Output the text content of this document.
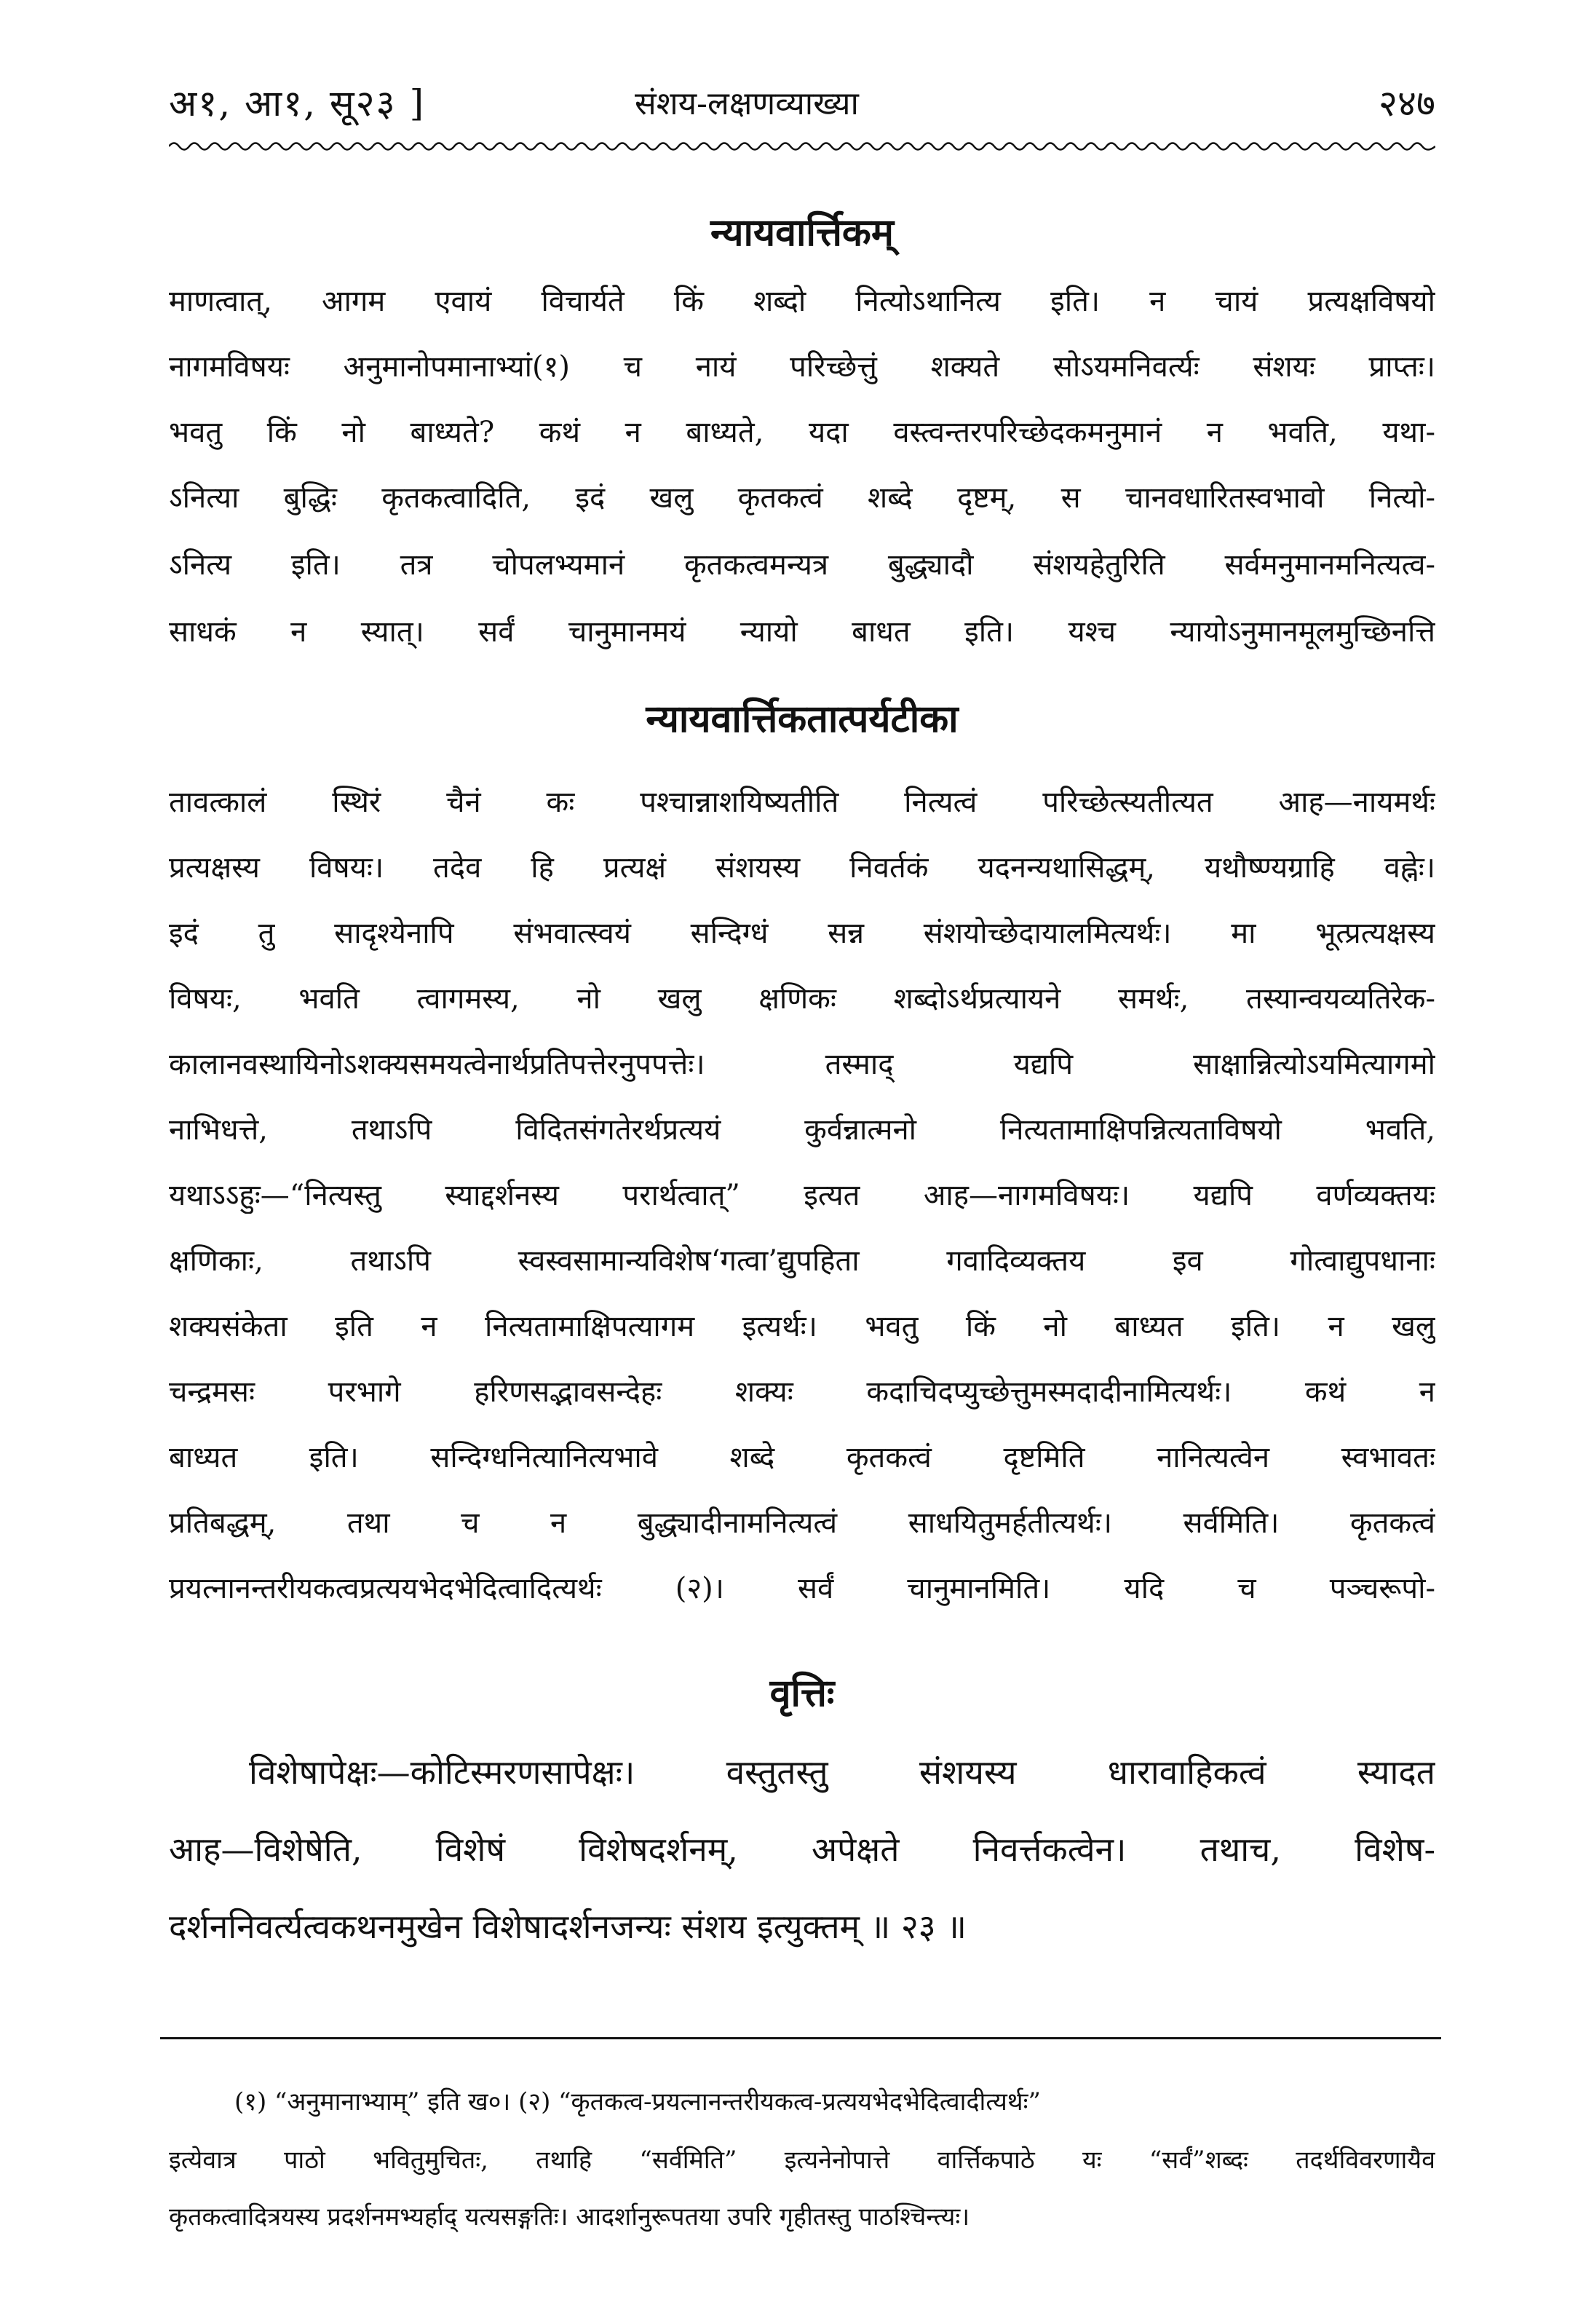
अ१, आ१, सू२३ ]	संशय-लक्षणव्याख्या	२४७
न्यायवार्त्तिकम्
माणत्वात्, आगम एवायं विचार्यते किं शब्दो नित्योऽथानित्य इति। न चायं प्रत्यक्षविषयो
नागमविषयः अनुमानोपमानाभ्यां(१) च नायं परिच्छेत्तुं शक्यते सोऽयमनिवर्त्यः संशयः प्राप्तः।
भवतु किं नो बाध्यते? कथं न बाध्यते, यदा वस्त्वन्तरपरिच्छेदकमनुमानं न भवति, यथा-
ऽनित्या बुद्धिः कृतकत्वादिति, इदं खलु कृतकत्वं शब्दे दृष्टम्, स चानवधारितस्वभावो नित्यो-
ऽनित्य इति। तत्र चोपलभ्यमानं कृतकत्वमन्यत्र बुद्ध्यादौ संशयहेतुरिति सर्वमनुमानमनित्यत्व-
साधकं न स्यात्। सर्वं चानुमानमयं न्यायो बाधत इति। यश्च न्यायोऽनुमानमूलमुच्छिनत्ति
न्यायवार्त्तिकतात्पर्यटीका
तावत्कालं स्थिरं चैनं कः पश्चान्नाशयिष्यतीति नित्यत्वं परिच्छेत्स्यतीत्यत आह—नायमर्थः
प्रत्यक्षस्य विषयः। तदेव हि प्रत्यक्षं संशयस्य निवर्तकं यदनन्यथासिद्धम्, यथौष्ण्यग्राहि वह्नेः।
इदं तु सादृश्येनापि संभवात्स्वयं सन्दिग्धं सन्न संशयोच्छेदायालमित्यर्थः। मा भूत्प्रत्यक्षस्य
विषयः, भवति त्वागमस्य, नो खलु क्षणिकः शब्दोऽर्थप्रत्यायने समर्थः, तस्यान्वयव्यतिरेक-
कालानवस्थायिनोऽशक्यसमयत्वेनार्थप्रतिपत्तेरनुपपत्तेः। तस्माद् यद्यपि साक्षान्नित्योऽयमित्यागमो
नाभिधत्ते, तथाऽपि विदितसंगतेरर्थप्रत्ययं कुर्वन्नात्मनो नित्यतामाक्षिपन्नित्यताविषयो भवति,
यथाऽऽहुः—“नित्यस्तु स्याद्दर्शनस्य परार्थत्वात्” इत्यत आह—नागमविषयः। यद्यपि वर्णव्यक्तयः
क्षणिकाः, तथाऽपि स्वस्वसामान्यविशेष‘गत्वा’द्युपहिता गवादिव्यक्तय इव गोत्वाद्युपधानाः
शक्यसंकेता इति न नित्यतामाक्षिपत्यागम इत्यर्थः। भवतु किं नो बाध्यत इति। न खलु
चन्द्रमसः परभागे हरिणसद्भावसन्देहः शक्यः कदाचिदप्युच्छेत्तुमस्मदादीनामित्यर्थः। कथं न
बाध्यत इति। सन्दिग्धनित्यानित्यभावे शब्दे कृतकत्वं दृष्टमिति नानित्यत्वेन स्वभावतः
प्रतिबद्धम्, तथा च न बुद्ध्यादीनामनित्यत्वं साधयितुमर्हतीत्यर्थः। सर्वमिति। कृतकत्वं
प्रयत्नानन्तरीयकत्वप्रत्ययभेदभेदित्वादित्यर्थः (२)। सर्वं चानुमानमिति। यदि च पञ्चरूपो-
वृत्तिः
विशेषापेक्षः—कोटिस्मरणसापेक्षः। वस्तुतस्तु संशयस्य धारावाहिकत्वं स्यादत
आह—विशेषेति, विशेषं विशेषदर्शनम्, अपेक्षते निवर्त्तकत्वेन। तथाच, विशेष-
दर्शननिवर्त्यत्वकथनमुखेन विशेषादर्शनजन्यः संशय इत्युक्तम् ॥ २३ ॥
(१) “अनुमानाभ्याम्” इति ख०। (२) “कृतकत्व-प्रयत्नानन्तरीयकत्व-प्रत्ययभेदभेदित्वादीत्यर्थः”
इत्येवात्र पाठो भवितुमुचितः, तथाहि “सर्वमिति” इत्यनेनोपात्ते वार्त्तिकपाठे यः “सर्वं”शब्दः तदर्थविवरणायैव
कृतकत्वादित्रयस्य प्रदर्शनमभ्यर्हाद् यत्यसङ्गतिः। आदर्शानुरूपतया उपरि गृहीतस्तु पाठश्चिन्त्यः।
